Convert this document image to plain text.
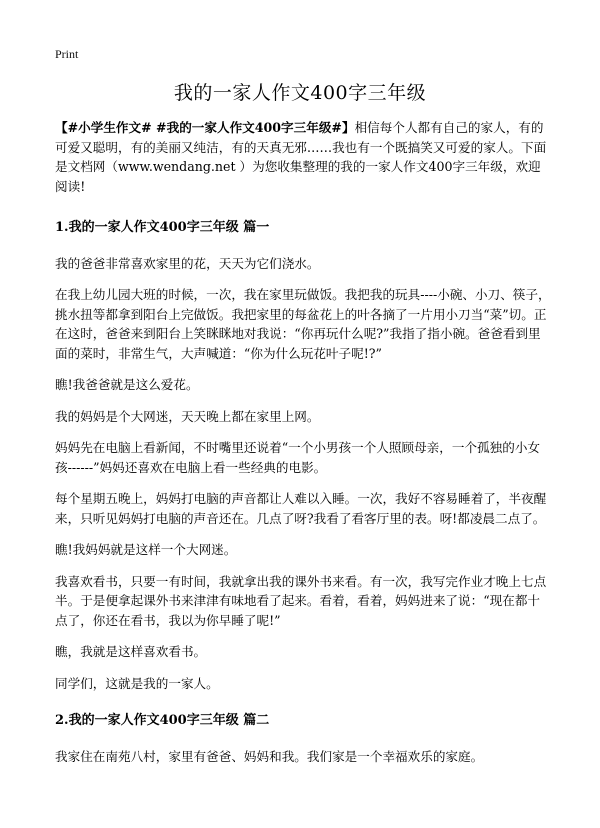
Print
我的一家人作文400字三年级

【#小学生作文# #我的一家人作文400字三年级#】相信每个人都有自己的家人，有的可爱又聪明，有的美丽又纯洁，有的天真无邪……我也有一个既搞笑又可爱的家人。下面是文档网（www.wendang.net ）为您收集整理的我的一家人作文400字三年级，欢迎阅读!

1.我的一家人作文400字三年级 篇一

我的爸爸非常喜欢家里的花，天天为它们浇水。

在我上幼儿园大班的时候，一次，我在家里玩做饭。我把我的玩具----小碗、小刀、筷子，挑水扭等都拿到阳台上完做饭。我把家里的每盆花上的叶各摘了一片用小刀当“菜”切。正在这时，爸爸来到阳台上笑眯眯地对我说：“你再玩什么呢?”我指了指小碗。爸爸看到里面的菜时，非常生气，大声喊道：“你为什么玩花叶子呢!?”

瞧!我爸爸就是这么爱花。

我的妈妈是个大网迷，天天晚上都在家里上网。

妈妈先在电脑上看新闻，不时嘴里还说着“一个小男孩一个人照顾母亲，一个孤独的小女孩------”妈妈还喜欢在电脑上看一些经典的电影。

每个星期五晚上，妈妈打电脑的声音都让人难以入睡。一次，我好不容易睡着了，半夜醒来，只听见妈妈打电脑的声音还在。几点了呀?我看了看客厅里的表。呀!都凌晨二点了。

瞧!我妈妈就是这样一个大网迷。

我喜欢看书，只要一有时间，我就拿出我的课外书来看。有一次，我写完作业才晚上七点半。于是便拿起课外书来津津有味地看了起来。看着，看着，妈妈进来了说：“现在都十点了，你还在看书，我以为你早睡了呢!”

瞧，我就是这样喜欢看书。

同学们，这就是我的一家人。

2.我的一家人作文400字三年级 篇二

我家住在南苑八村，家里有爸爸、妈妈和我。我们家是一个幸福欢乐的家庭。
